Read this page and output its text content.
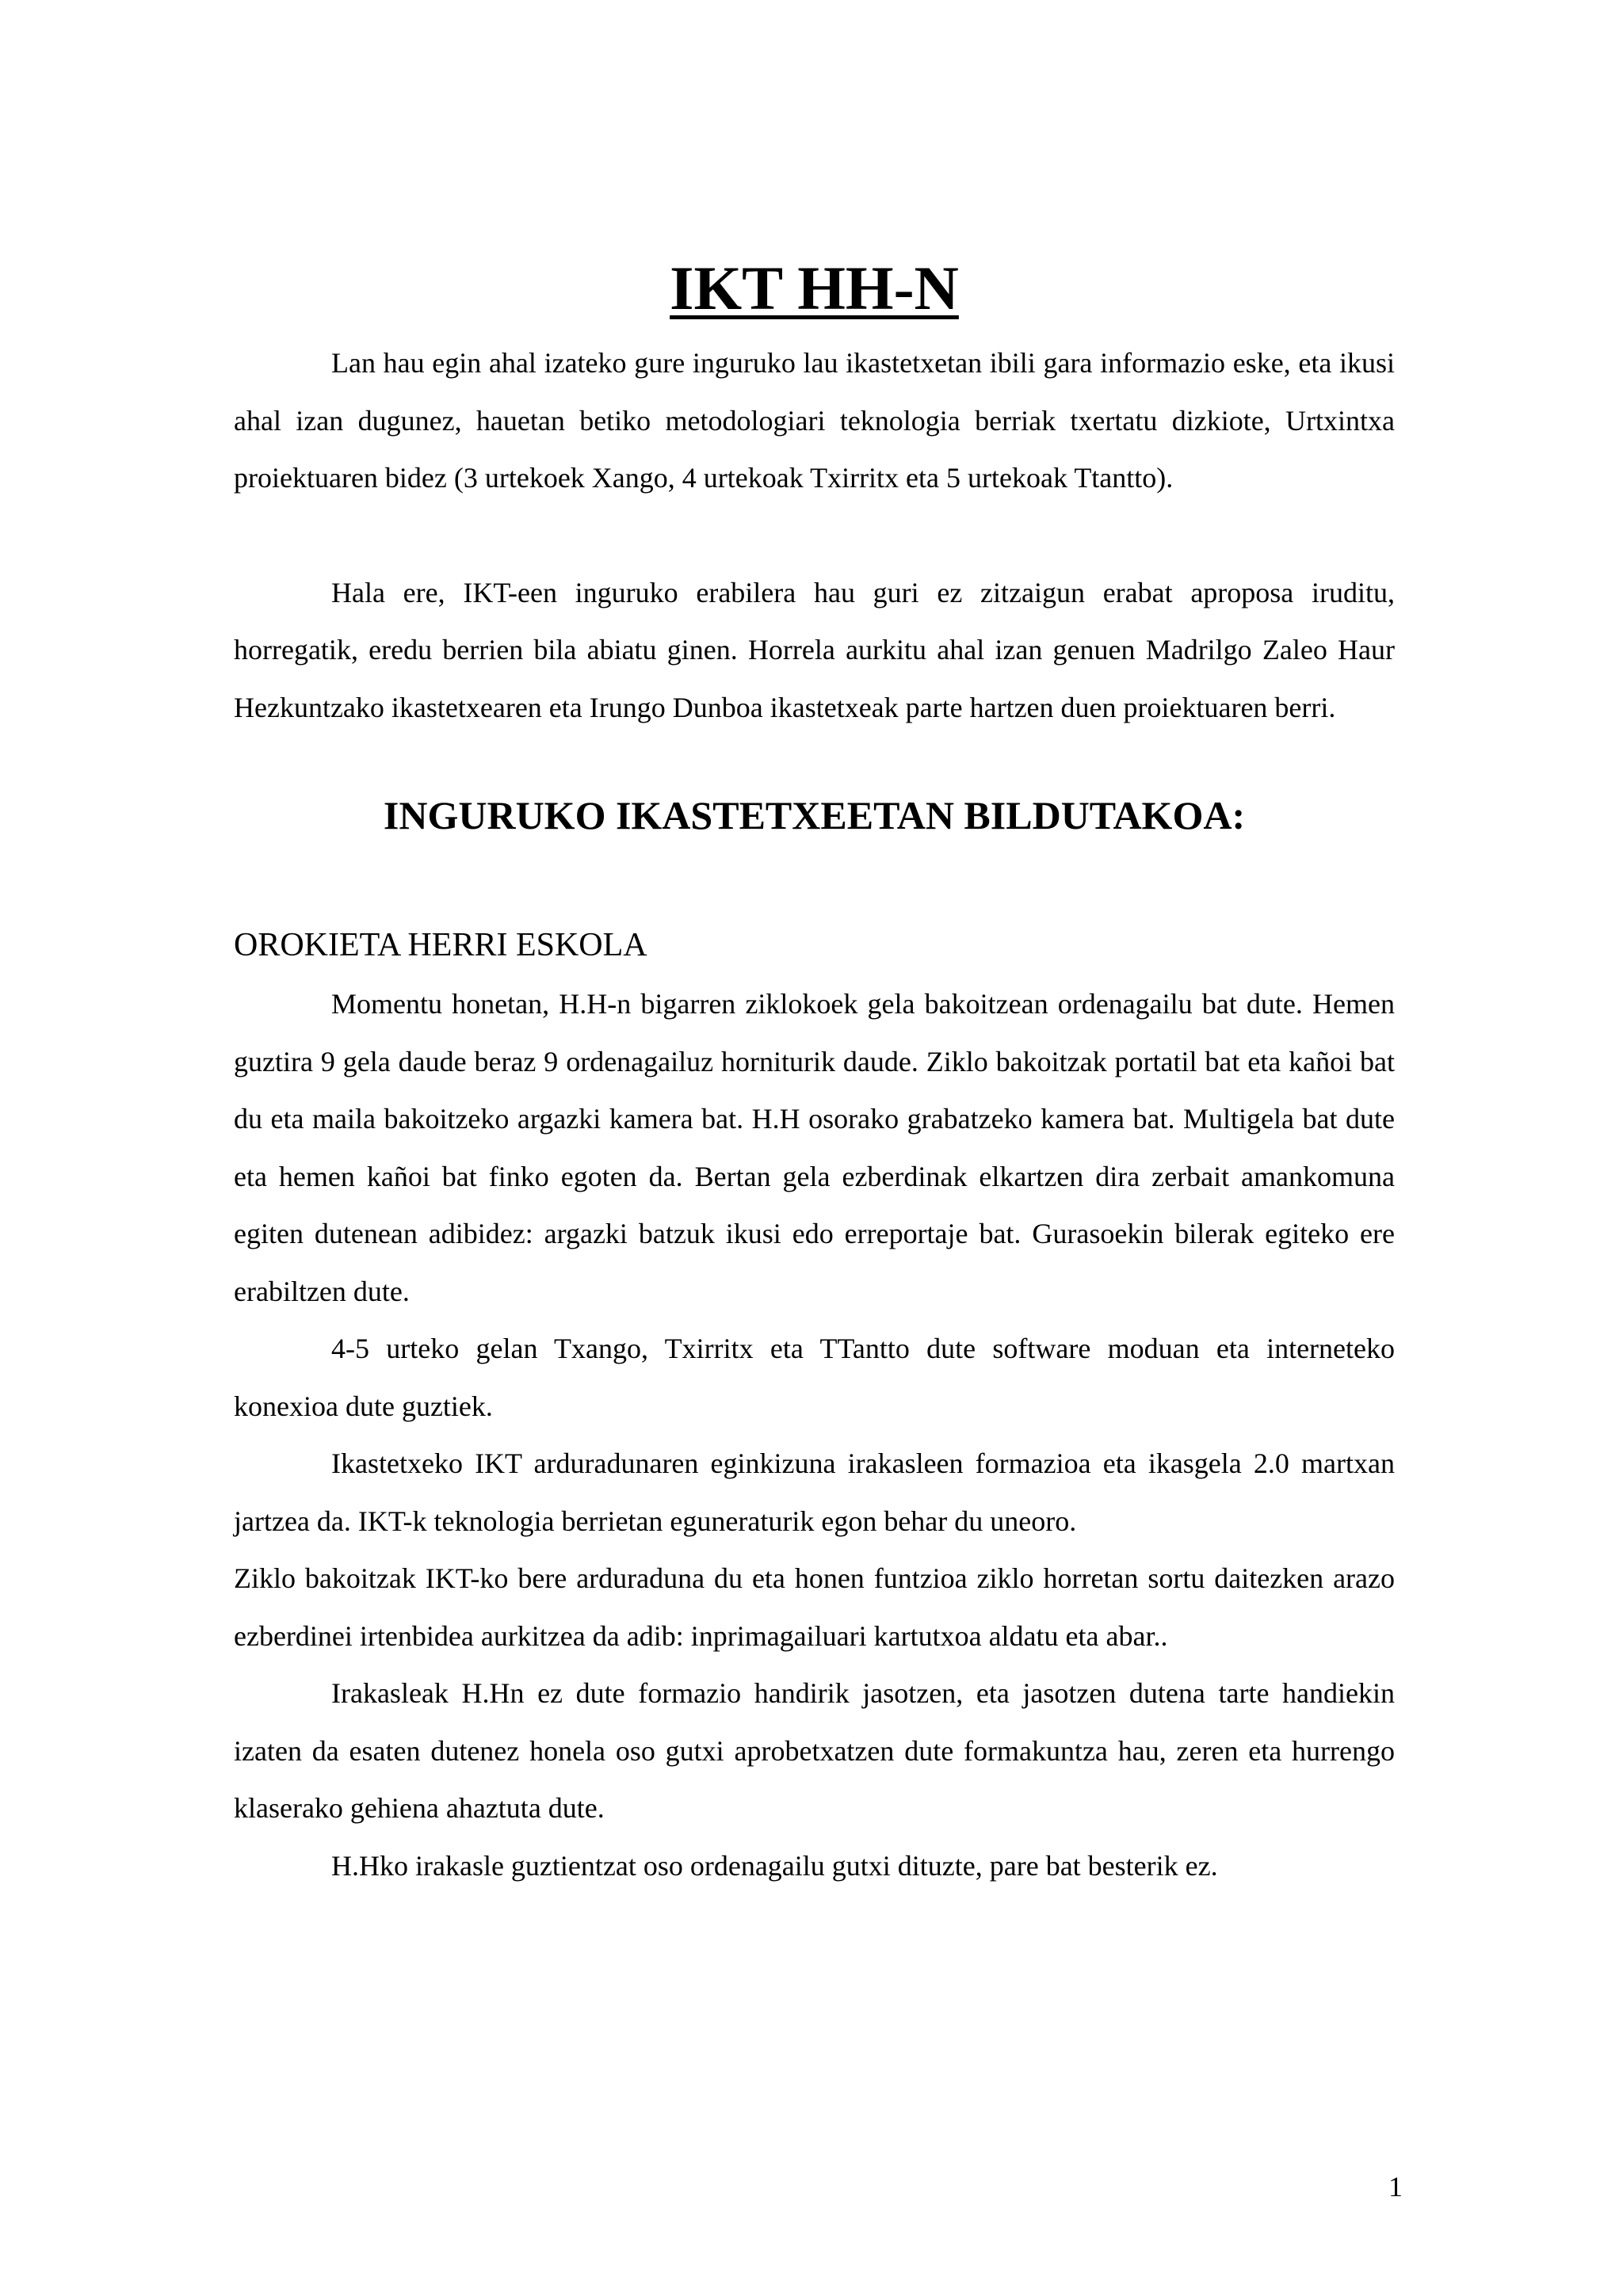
IKT HH-N

Lan hau egin ahal izateko gure inguruko lau ikastetxetan ibili gara informazio eske, eta ikusi ahal izan dugunez, hauetan betiko metodologiari teknologia berriak txertatu dizkiote, Urtxintxa proiektuaren bidez (3 urtekoek Xango, 4 urtekoak Txirritx eta 5 urtekoak Ttantto).

Hala ere, IKT-een inguruko erabilera hau guri ez zitzaigun erabat aproposa iruditu, horregatik, eredu berrien bila abiatu ginen. Horrela aurkitu ahal izan genuen Madrilgo Zaleo Haur Hezkuntzako ikastetxearen eta Irungo Dunboa ikastetxeak parte hartzen duen proiektuaren berri.

INGURUKO IKASTETXEETAN BILDUTAKOA:
OROKIETA HERRI ESKOLA

Momentu honetan, H.H-n bigarren ziklokoek gela bakoitzean ordenagailu bat dute. Hemen guztira 9 gela daude beraz 9 ordenagailuz horniturik daude. Ziklo bakoitzak portatil bat eta kañoi bat du eta maila bakoitzeko argazki kamera bat. H.H osorako grabatzeko kamera bat. Multigela bat dute eta hemen kañoi bat finko egoten da. Bertan gela ezberdinak elkartzen dira zerbait amankomuna egiten dutenean adibidez: argazki batzuk ikusi edo erreportaje bat. Gurasoekin bilerak egiteko ere erabiltzen dute.

4-5 urteko gelan Txango, Txirritx eta TTantto dute software moduan eta interneteko konexioa dute guztiek.

Ikastetxeko IKT arduradunaren eginkizuna irakasleen formazioa eta ikasgela 2.0 martxan jartzea da. IKT-k teknologia berrietan eguneraturik egon behar du uneoro.

Ziklo bakoitzak IKT-ko bere arduraduna du eta honen funtzioa ziklo horretan sortu daitezken arazo ezberdinei irtenbidea aurkitzea da adib: inprimagailuari kartutxoa aldatu eta abar..

Irakasleak H.Hn ez dute formazio handirik jasotzen, eta jasotzen dutena tarte handiekin izaten da esaten dutenez honela oso gutxi aprobetxatzen dute formakuntza hau, zeren eta hurrengo klaserako gehiena ahaztuta dute.

H.Hko irakasle guztientzat oso ordenagailu gutxi dituzte, pare bat besterik ez.

1
